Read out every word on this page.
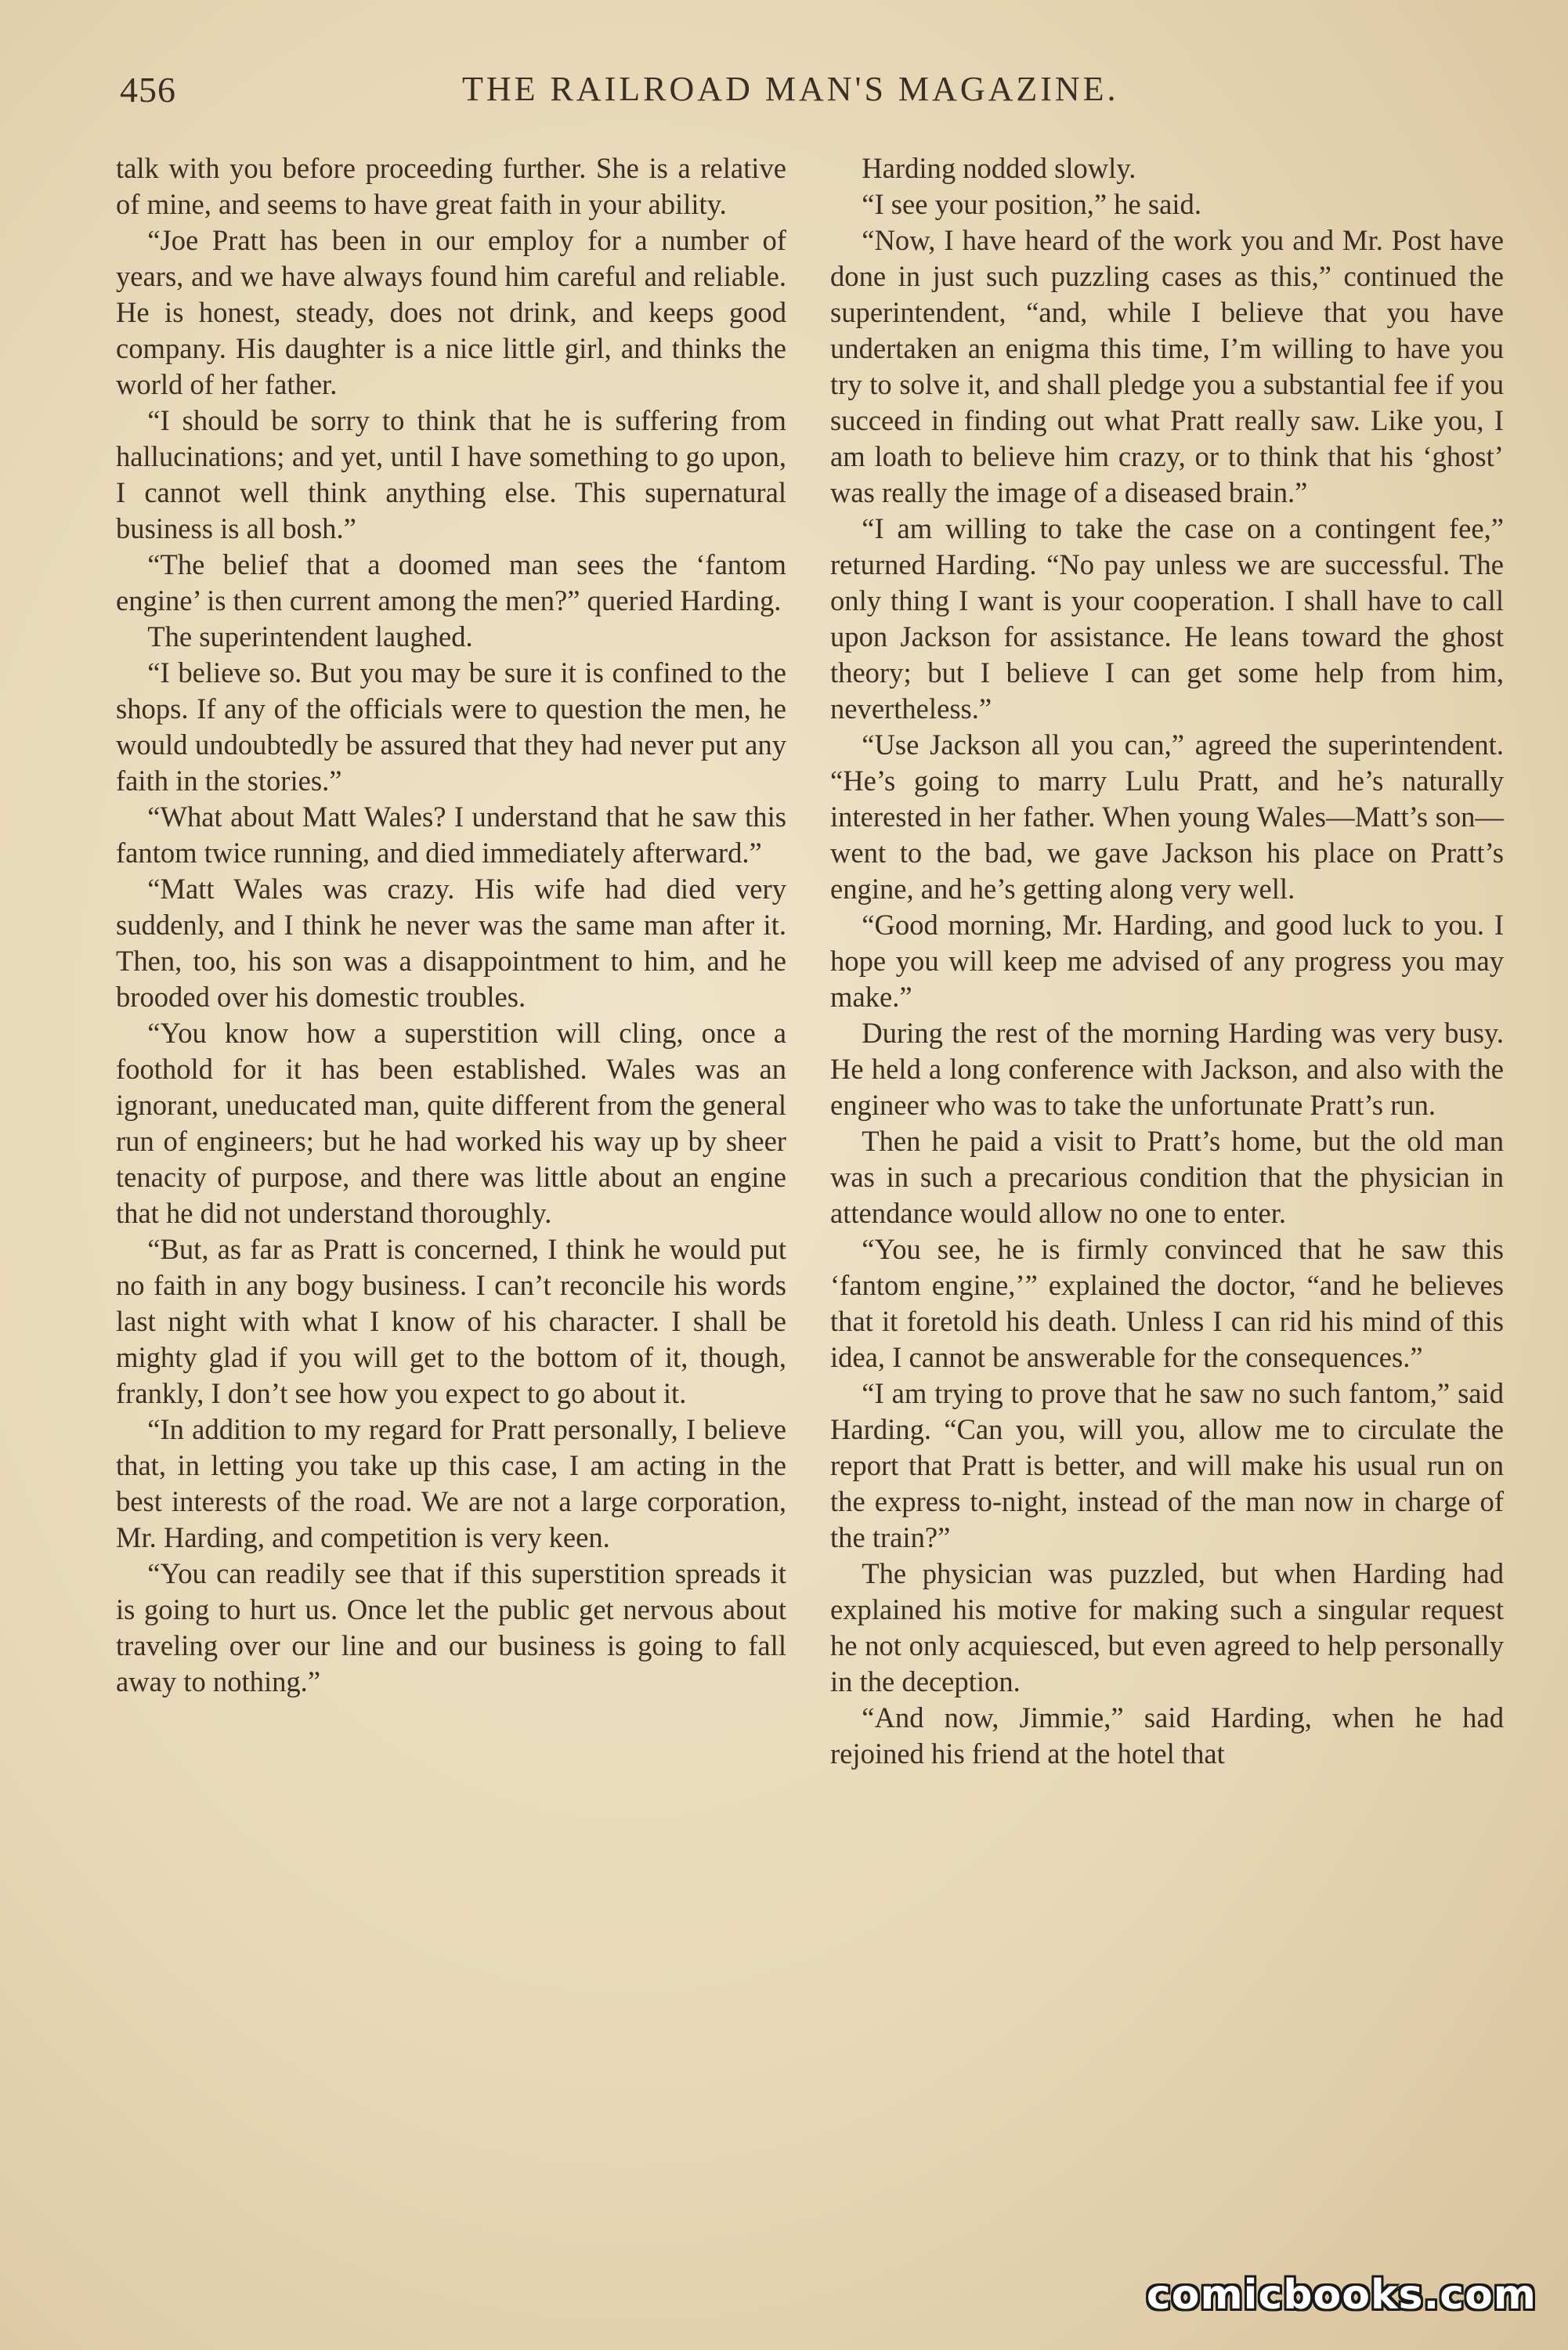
456	THE RAILROAD MAN'S MAGAZINE.

talk with you before proceeding further. She is a relative of mine, and seems to have great faith in your ability.

“Joe Pratt has been in our employ for a number of years, and we have always found him careful and reliable. He is honest, steady, does not drink, and keeps good company. His daughter is a nice little girl, and thinks the world of her father.

“I should be sorry to think that he is suffering from hallucinations; and yet, until I have something to go upon, I cannot well think anything else. This supernatural business is all bosh.”

“The belief that a doomed man sees the ‘fantom engine’ is then current among the men?” queried Harding.

The superintendent laughed.

“I believe so. But you may be sure it is confined to the shops. If any of the officials were to question the men, he would undoubtedly be assured that they had never put any faith in the stories.”

“What about Matt Wales? I understand that he saw this fantom twice running, and died immediately afterward.”

“Matt Wales was crazy. His wife had died very suddenly, and I think he never was the same man after it. Then, too, his son was a disappointment to him, and he brooded over his domestic troubles.

“You know how a superstition will cling, once a foothold for it has been established. Wales was an ignorant, uneducated man, quite different from the general run of engineers; but he had worked his way up by sheer tenacity of purpose, and there was little about an engine that he did not understand thoroughly.

“But, as far as Pratt is concerned, I think he would put no faith in any bogy business. I can’t reconcile his words last night with what I know of his character. I shall be mighty glad if you will get to the bottom of it, though, frankly, I don’t see how you expect to go about it.

“In addition to my regard for Pratt personally, I believe that, in letting you take up this case, I am acting in the best interests of the road. We are not a large corporation, Mr. Harding, and competition is very keen.

“You can readily see that if this superstition spreads it is going to hurt us. Once let the public get nervous about traveling over our line and our business is going to fall away to nothing.”

Harding nodded slowly.

“I see your position,” he said.

“Now, I have heard of the work you and Mr. Post have done in just such puzzling cases as this,” continued the superintendent, “and, while I believe that you have undertaken an enigma this time, I’m willing to have you try to solve it, and shall pledge you a substantial fee if you succeed in finding out what Pratt really saw. Like you, I am loath to believe him crazy, or to think that his ‘ghost’ was really the image of a diseased brain.”

“I am willing to take the case on a contingent fee,” returned Harding. “No pay unless we are successful. The only thing I want is your cooperation. I shall have to call upon Jackson for assistance. He leans toward the ghost theory; but I believe I can get some help from him, nevertheless.”

“Use Jackson all you can,” agreed the superintendent. “He’s going to marry Lulu Pratt, and he’s naturally interested in her father. When young Wales—Matt’s son—went to the bad, we gave Jackson his place on Pratt’s engine, and he’s getting along very well.

“Good morning, Mr. Harding, and good luck to you. I hope you will keep me advised of any progress you may make.”

During the rest of the morning Harding was very busy. He held a long conference with Jackson, and also with the engineer who was to take the unfortunate Pratt’s run.

Then he paid a visit to Pratt’s home, but the old man was in such a precarious condition that the physician in attendance would allow no one to enter.

“You see, he is firmly convinced that he saw this ‘fantom engine,’” explained the doctor, “and he believes that it foretold his death. Unless I can rid his mind of this idea, I cannot be answerable for the consequences.”

“I am trying to prove that he saw no such fantom,” said Harding. “Can you, will you, allow me to circulate the report that Pratt is better, and will make his usual run on the express to-night, instead of the man now in charge of the train?”

The physician was puzzled, but when Harding had explained his motive for making such a singular request he not only acquiesced, but even agreed to help personally in the deception.

“And now, Jimmie,” said Harding, when he had rejoined his friend at the hotel that

comicbooks.com
